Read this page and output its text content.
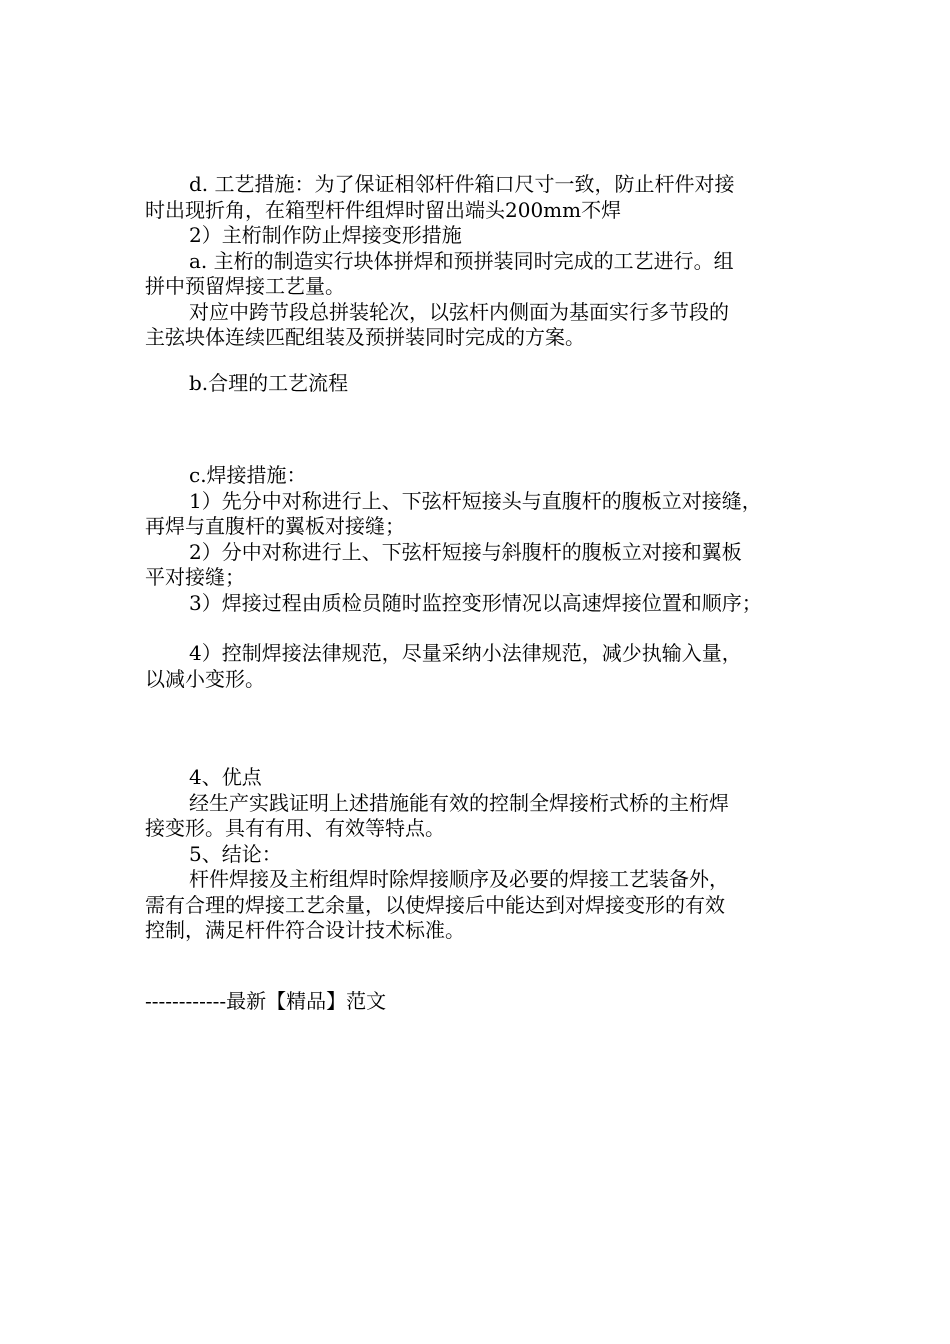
d. 工艺措施：为了保证相邻杆件箱口尺寸一致，防止杆件对接
时出现折角，在箱型杆件组焊时留出端头200mm不焊
2）主桁制作防止焊接变形措施
a. 主桁的制造实行块体拼焊和预拼装同时完成的工艺进行。组
拼中预留焊接工艺量。
对应中跨节段总拼装轮次，以弦杆内侧面为基面实行多节段的
主弦块体连续匹配组装及预拼装同时完成的方案。
b.合理的工艺流程
c.焊接措施：
1）先分中对称进行上、下弦杆短接头与直腹杆的腹板立对接缝，
再焊与直腹杆的翼板对接缝；
2）分中对称进行上、下弦杆短接与斜腹杆的腹板立对接和翼板
平对接缝；
3）焊接过程由质检员随时监控变形情况以高速焊接位置和顺序；
4）控制焊接法律规范，尽量采纳小法律规范，减少执输入量，
以减小变形。
4、优点
经生产实践证明上述措施能有效的控制全焊接桁式桥的主桁焊
接变形。具有有用、有效等特点。
5、结论：
杆件焊接及主桁组焊时除焊接顺序及必要的焊接工艺装备外，
需有合理的焊接工艺余量，以使焊接后中能达到对焊接变形的有效
控制，满足杆件符合设计技术标准。
------------最新【精品】范文
